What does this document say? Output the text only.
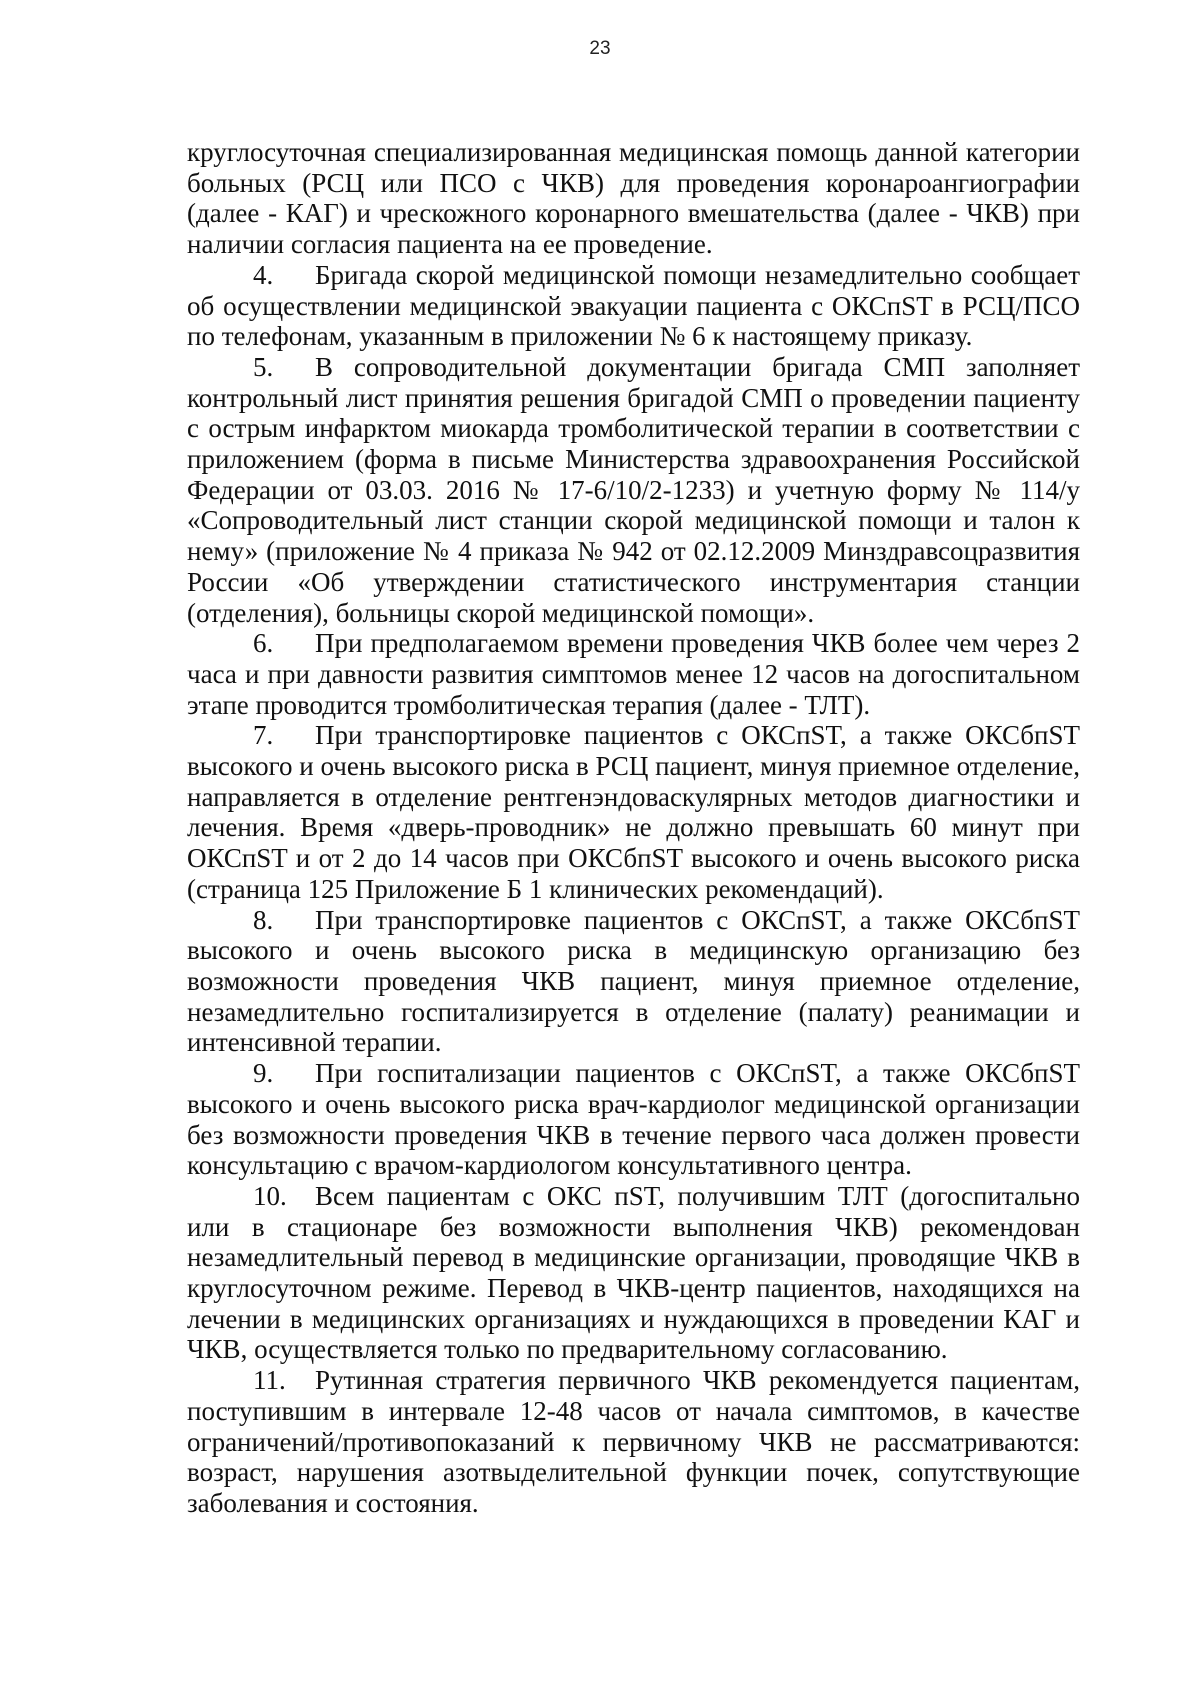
23

круглосуточная специализированная медицинская помощь данной категории больных (РСЦ или ПСО с ЧКВ) для проведения коронароангиографии (далее - КАГ) и чрескожного коронарного вмешательства (далее - ЧКВ) при наличии согласия пациента на ее проведение.

4. Бригада скорой медицинской помощи незамедлительно сообщает об осуществлении медицинской эвакуации пациента с ОКСпST в РСЦ/ПСО по телефонам, указанным в приложении № 6 к настоящему приказу.

5. В сопроводительной документации бригада СМП заполняет контрольный лист принятия решения бригадой СМП о проведении пациенту с острым инфарктом миокарда тромболитической терапии в соответствии с приложением (форма в письме Министерства здравоохранения Российской Федерации от 03.03. 2016 № 17-6/10/2-1233) и учетную форму № 114/у «Сопроводительный лист станции скорой медицинской помощи и талон к нему» (приложение № 4 приказа № 942 от 02.12.2009 Минздравсоцразвития России «Об утверждении статистического инструментария станции (отделения), больницы скорой медицинской помощи».

6. При предполагаемом времени проведения ЧКВ более чем через 2 часа и при давности развития симптомов менее 12 часов на догоспитальном этапе проводится тромболитическая терапия (далее - ТЛТ).

7. При транспортировке пациентов с ОКСпST, а также ОКСбпST высокого и очень высокого риска в РСЦ пациент, минуя приемное отделение, направляется в отделение рентгенэндоваскулярных методов диагностики и лечения. Время «дверь-проводник» не должно превышать 60 минут при ОКСпST и от 2 до 14 часов при ОКСбпST высокого и очень высокого риска (страница 125 Приложение Б 1 клинических рекомендаций).

8. При транспортировке пациентов с ОКСпST, а также ОКСбпST высокого и очень высокого риска в медицинскую организацию без возможности проведения ЧКВ пациент, минуя приемное отделение, незамедлительно госпитализируется в отделение (палату) реанимации и интенсивной терапии.

9. При госпитализации пациентов с ОКСпST, а также ОКСбпST высокого и очень высокого риска врач-кардиолог медицинской организации без возможности проведения ЧКВ в течение первого часа должен провести консультацию с врачом-кардиологом консультативного центра.

10. Всем пациентам с ОКС пST, получившим ТЛТ (догоспитально или в стационаре без возможности выполнения ЧКВ) рекомендован незамедлительный перевод в медицинские организации, проводящие ЧКВ в круглосуточном режиме. Перевод в ЧКВ-центр пациентов, находящихся на лечении в медицинских организациях и нуждающихся в проведении КАГ и ЧКВ, осуществляется только по предварительному согласованию.

11. Рутинная стратегия первичного ЧКВ рекомендуется пациентам, поступившим в интервале 12-48 часов от начала симптомов, в качестве ограничений/противопоказаний к первичному ЧКВ не рассматриваются: возраст, нарушения азотвыделительной функции почек, сопутствующие заболевания и состояния.
